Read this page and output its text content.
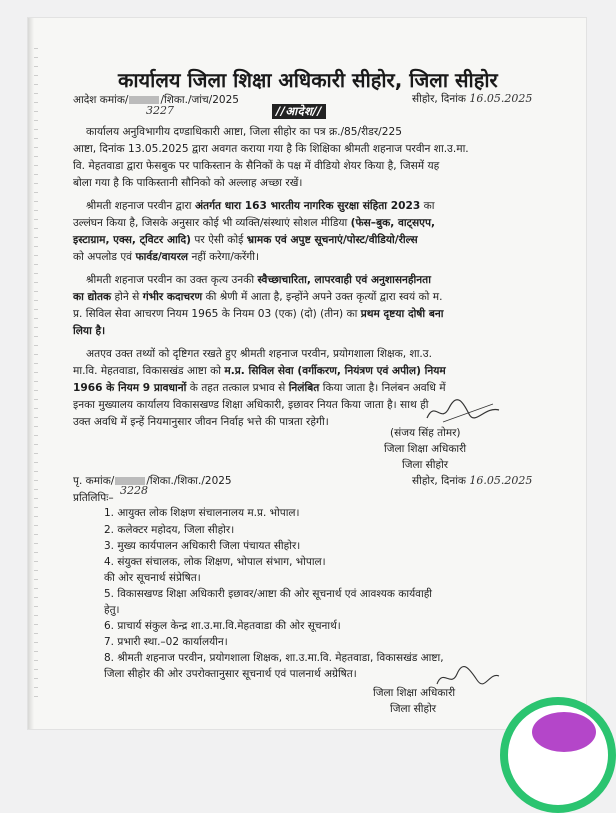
कार्यालय जिला शिक्षा अधिकारी सीहोर, जिला सीहोर
आदेश कमांक/	/शिका./जांच/2025
3227
सीहोर, दिनांक 16.05.2025
//आदेश//
कार्यालय अनुविभागीय दण्डाधिकारी आष्टा, जिला सीहोर का पत्र क्र./85/रीडर/225
आष्टा, दिनांक 13.05.2025 द्वारा अवगत कराया गया है कि शिक्षिका श्रीमती शहनाज परवीन शा.उ.मा.
वि. मेहतवाडा द्वारा फेसबुक पर पाकिस्तान के सैनिकों के पक्ष में वीडियो शेयर किया है, जिसमें यह
बोला गया है कि पाकिस्तानी सौनिको को अल्लाह अच्छा रखें।
श्रीमती शहनाज परवीन द्वारा अंतर्गत धारा 163 भारतीय नागरिक सुरक्षा संहिता 2023 का
उल्लंघन किया है, जिसके अनुसार कोई भी व्यक्ति/संस्थाएं सोशल मीडिया (फेस–बुक, वाट्सएप,
इस्टाग्राम, एक्स, ट्विटर आदि) पर ऐसी कोई भ्रामक एवं अपुष्ट सूचनाएं/पोस्ट/वीडियो/रील्स
को अपलोड एवं फार्वड/वायरल नहीं करेगा/करेंगी।
श्रीमती शहनाज परवीन का उक्त कृत्य उनकी स्वैच्छाचारिता, लापरवाही एवं अनुशासनहीनता
का द्योतक होने से गंभीर कदाचरण की श्रेणी में आता है, इन्होंने अपने उक्त कृत्यों द्वारा स्वयं को म.
प्र. सिविल सेवा आचरण नियम 1965 के नियम 03 (एक) (दो) (तीन) का प्रथम दृष्टया दोषी बना
लिया है।
अतएव उक्त तथ्यों को दृष्टिगत रखते हुए श्रीमती शहनाज परवीन, प्रयोगशाला शिक्षक, शा.उ.
मा.वि. मेहतवाडा, विकासखंड आष्टा को म.प्र. सिविल सेवा (वर्गीकरण, नियंत्रण एवं अपील) नियम
1966 के नियम 9 प्रावधानों के तहत तत्काल प्रभाव से निलंबित किया जाता है। निलंबन अवधि में
इनका मुख्यालय कार्यालय विकासखण्ड शिक्षा अधिकारी, इछावर नियत किया जाता है। साथ ही
उक्त अवधि में इन्हें नियमानुसार जीवन निर्वाह भत्ते की पात्रता रहेगी।
(संजय सिंह तोमर)
जिला शिक्षा अधिकारी
जिला सीहोर
सीहोर, दिनांक 16.05.2025
पृ. कमांक/	/शिका./शिका./2025
3228
प्रतिलिपिः–
1. आयुक्त लोक शिक्षण संचालनालय म.प्र. भोपाल।
2. कलेक्टर महोदय, जिला सीहोर।
3. मुख्य कार्यपालन अधिकारी जिला पंचायत सीहोर।
4. संयुक्त संचालक, लोक शिक्षण, भोपाल संभाग, भोपाल।
की ओर सूचनार्थ संप्रेषित।
5. विकासखण्ड शिक्षा अधिकारी इछावर/आष्टा की ओर सूचनार्थ एवं आवश्यक कार्यवाही
हेतु।
6. प्राचार्य संकुल केन्द्र शा.उ.मा.वि.मेहतवाडा की ओर सूचनार्थ।
7. प्रभारी स्था.–02 कार्यालयीन।
8. श्रीमती शहनाज परवीन, प्रयोगशाला शिक्षक, शा.उ.मा.वि. मेहतवाडा, विकासखंड आष्टा,
जिला सीहोर की ओर उपरोक्तानुसार सूचनार्थ एवं पालनार्थ अग्रेषित।
जिला शिक्षा अधिकारी
जिला सीहोर
